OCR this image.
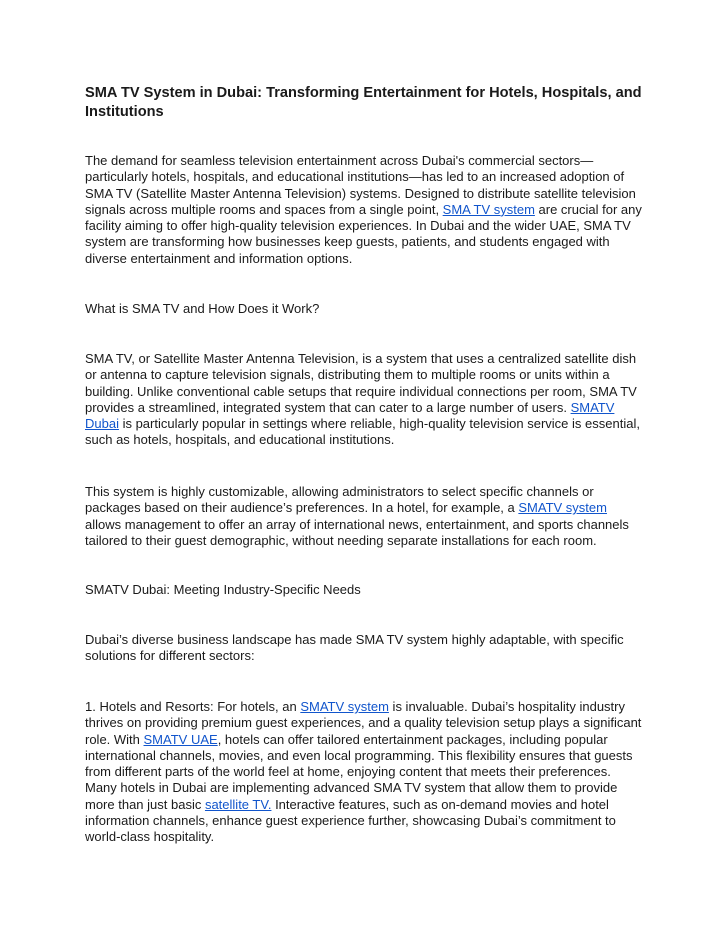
SMA TV System in Dubai: Transforming Entertainment for Hotels, Hospitals, and Institutions

The demand for seamless television entertainment across Dubai's commercial sectors—particularly hotels, hospitals, and educational institutions—has led to an increased adoption of SMA TV (Satellite Master Antenna Television) systems. Designed to distribute satellite television signals across multiple rooms and spaces from a single point, SMA TV system are crucial for any facility aiming to offer high-quality television experiences. In Dubai and the wider UAE, SMA TV system are transforming how businesses keep guests, patients, and students engaged with diverse entertainment and information options.

What is SMA TV and How Does it Work?

SMA TV, or Satellite Master Antenna Television, is a system that uses a centralized satellite dish or antenna to capture television signals, distributing them to multiple rooms or units within a building. Unlike conventional cable setups that require individual connections per room, SMA TV provides a streamlined, integrated system that can cater to a large number of users. SMATV Dubai is particularly popular in settings where reliable, high-quality television service is essential, such as hotels, hospitals, and educational institutions.

This system is highly customizable, allowing administrators to select specific channels or packages based on their audience’s preferences. In a hotel, for example, a SMATV system allows management to offer an array of international news, entertainment, and sports channels tailored to their guest demographic, without needing separate installations for each room.

SMATV Dubai: Meeting Industry-Specific Needs

Dubai’s diverse business landscape has made SMA TV system highly adaptable, with specific solutions for different sectors:

1. Hotels and Resorts: For hotels, an SMATV system is invaluable. Dubai’s hospitality industry thrives on providing premium guest experiences, and a quality television setup plays a significant role. With SMATV UAE, hotels can offer tailored entertainment packages, including popular international channels, movies, and even local programming. This flexibility ensures that guests from different parts of the world feel at home, enjoying content that meets their preferences. Many hotels in Dubai are implementing advanced SMA TV system that allow them to provide more than just basic satellite TV. Interactive features, such as on-demand movies and hotel information channels, enhance guest experience further, showcasing Dubai’s commitment to world-class hospitality.
